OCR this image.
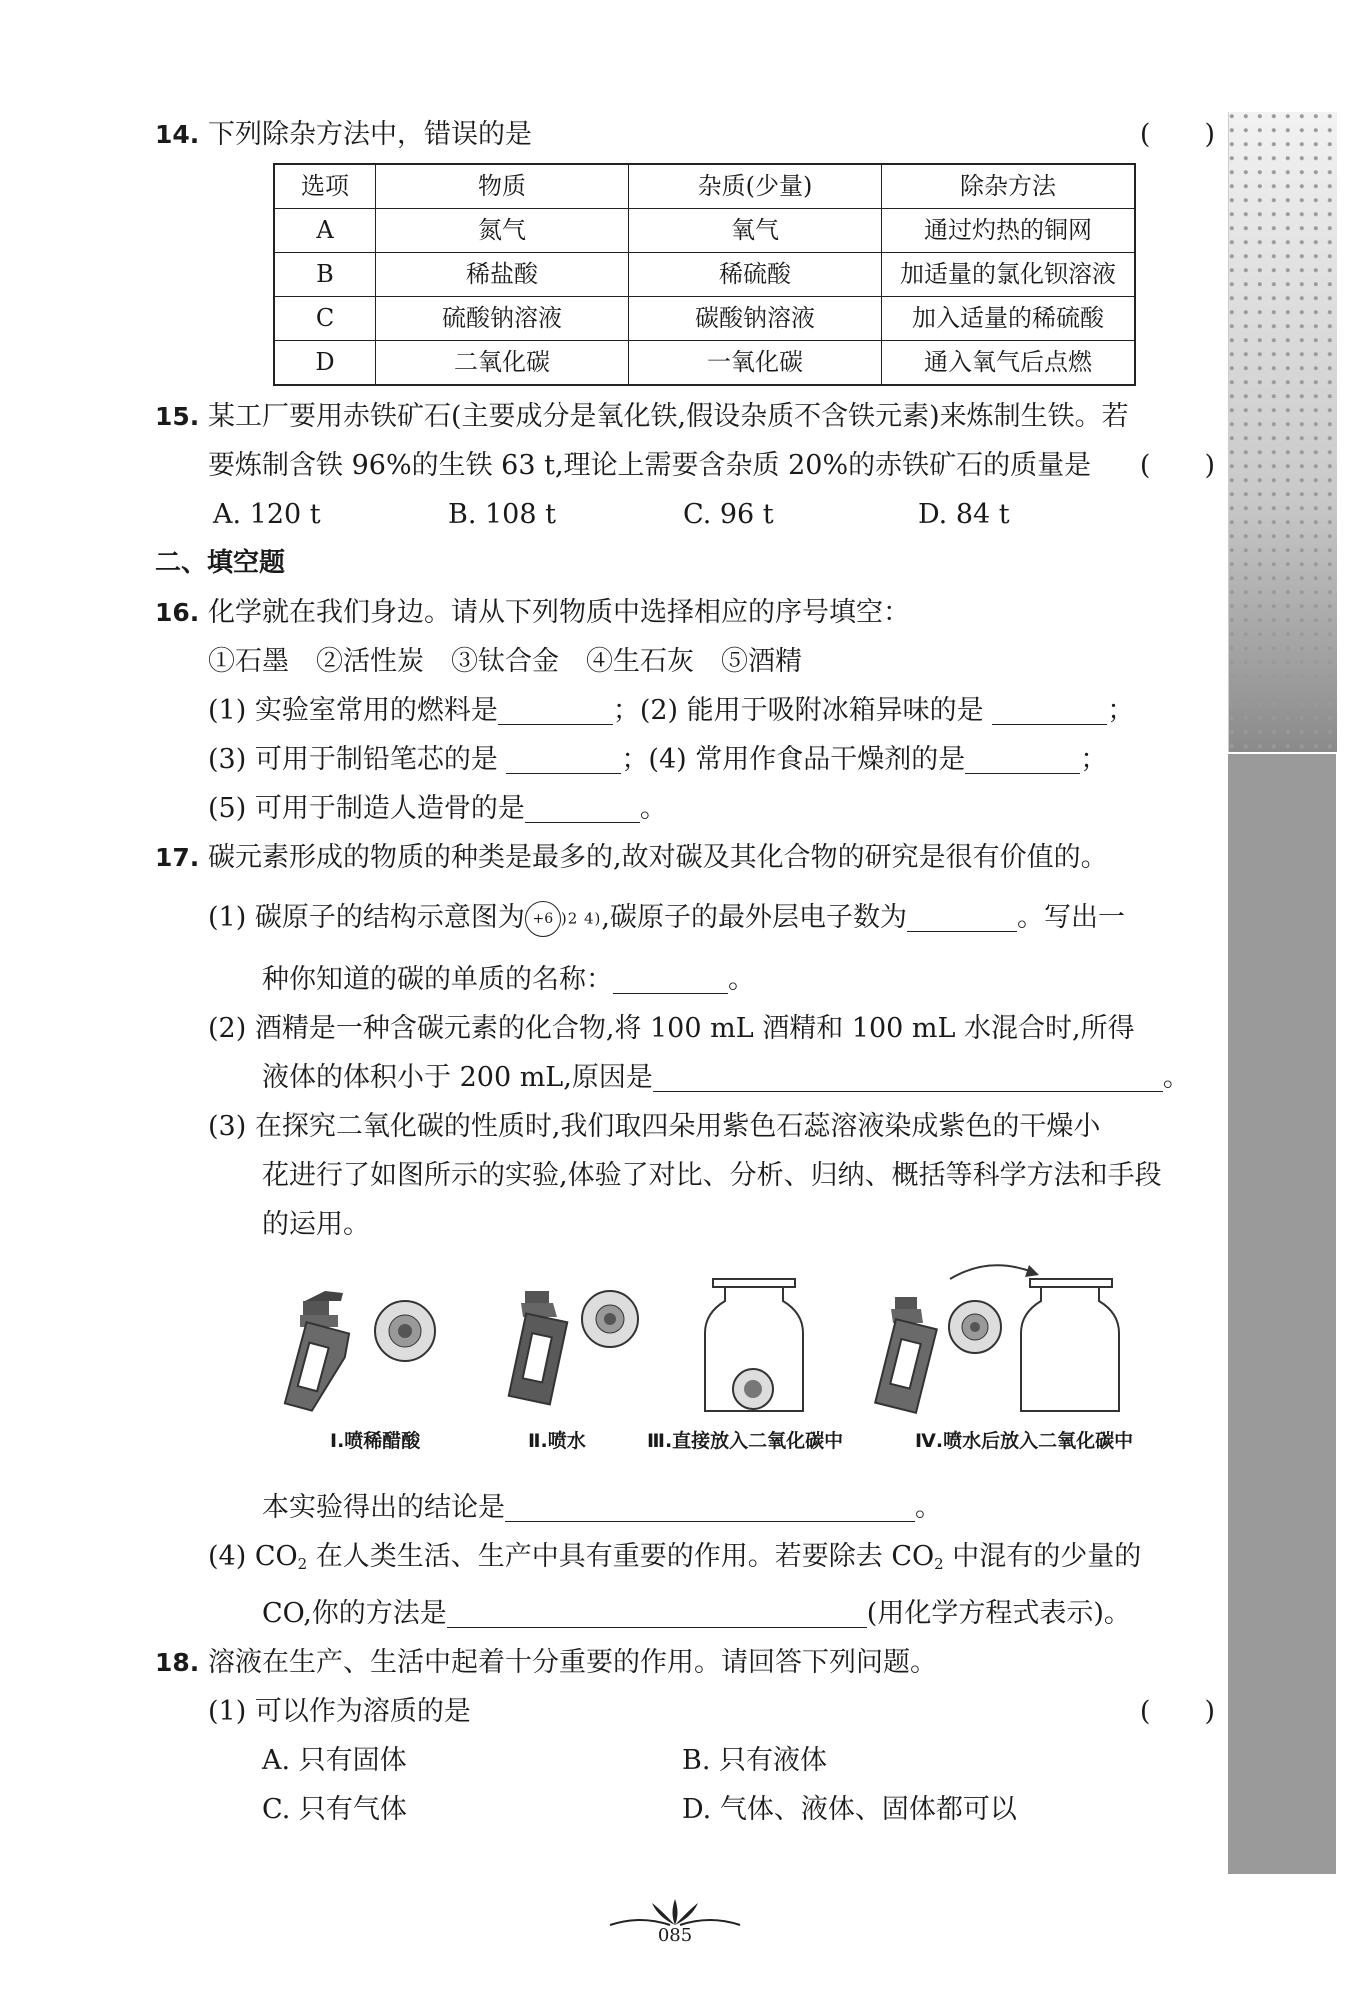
14. 下列除杂方法中，错误的是	(　　)
选项	物质	杂质(少量)	除杂方法
A	氮气	氧气	通过灼热的铜网
B	稀盐酸	稀硫酸	加适量的氯化钡溶液
C	硫酸钠溶液	碳酸钠溶液	加入适量的稀硫酸
D	二氧化碳	一氧化碳	通入氧气后点燃
15. 某工厂要用赤铁矿石(主要成分是氧化铁,假设杂质不含铁元素)来炼制生铁。若
要炼制含铁 96%的生铁 63 t,理论上需要含杂质 20%的赤铁矿石的质量是	(　　)
A. 120 t	B. 108 t	C. 96 t	D. 84 t
二、填空题
16. 化学就在我们身边。请从下列物质中选择相应的序号填空：
①石墨　②活性炭　③钛合金　④生石灰　⑤酒精
(1) 实验室常用的燃料是	；(2) 能用于吸附冰箱异味的是	；
(3) 可用于制铅笔芯的是	；(4) 常用作食品干燥剂的是	；
(5) 可用于制造人造骨的是	。
17. 碳元素形成的物质的种类是最多的,故对碳及其化合物的研究是很有价值的。
(1) 碳原子的结构示意图为 +6 )2 4),碳原子的最外层电子数为	。写出一
种你知道的碳的单质的名称：	。
(2) 酒精是一种含碳元素的化合物,将 100 mL 酒精和 100 mL 水混合时,所得
液体的体积小于 200 mL,原因是	。
(3) 在探究二氧化碳的性质时,我们取四朵用紫色石蕊溶液染成紫色的干燥小
花进行了如图所示的实验,体验了对比、分析、归纳、概括等科学方法和手段
的运用。
Ⅰ.喷稀醋酸	Ⅱ.喷水	Ⅲ.直接放入二氧化碳中	Ⅳ.喷水后放入二氧化碳中
本实验得出的结论是	。
(4) CO2 在人类生活、生产中具有重要的作用。若要除去 CO2 中混有的少量的
CO,你的方法是	(用化学方程式表示)。
18. 溶液在生产、生活中起着十分重要的作用。请回答下列问题。
(1) 可以作为溶质的是	(　　)
A. 只有固体	B. 只有液体
C. 只有气体	D. 气体、液体、固体都可以
阶段测评(一)
085
